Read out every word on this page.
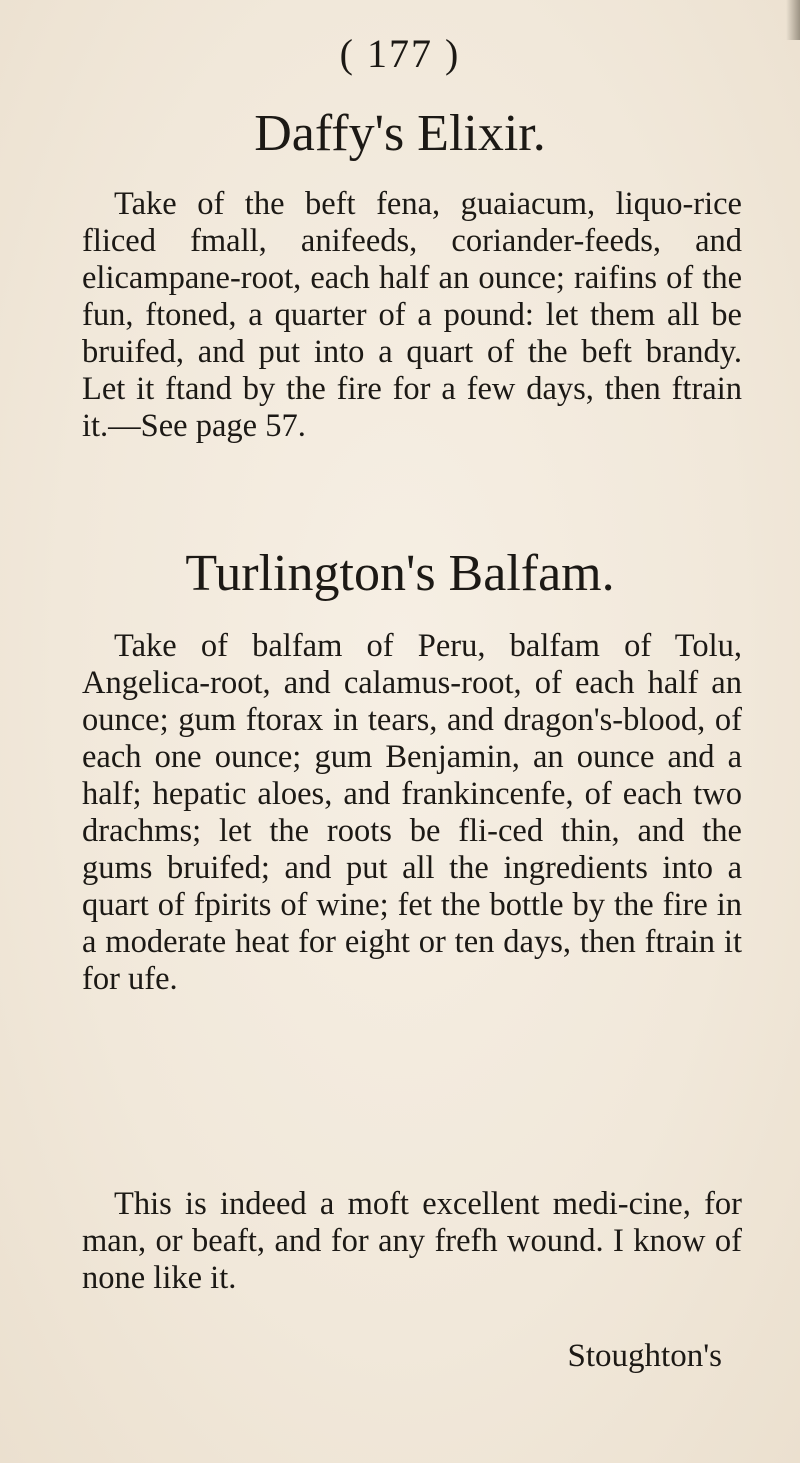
( 177 )
Daffy's Elixir.
Take of the beft fena, guaiacum, liquo-rice fliced fmall, anifeeds, coriander-feeds, and elicampane-root, each half an ounce; raifins of the fun, ftoned, a quarter of a pound: let them all be bruifed, and put into a quart of the beft brandy. Let it ftand by the fire for a few days, then ftrain it.—See page 57.
Turlington's Balfam.
Take of balfam of Peru, balfam of Tolu, Angelica-root, and calamus-root, of each half an ounce; gum ftorax in tears, and dragon's-blood, of each one ounce; gum Benjamin, an ounce and a half; hepatic aloes, and frankincenfe, of each two drachms; let the roots be fli-ced thin, and the gums bruifed; and put all the ingredients into a quart of fpirits of wine; fet the bottle by the fire in a moderate heat for eight or ten days, then ftrain it for ufe.
This is indeed a moft excellent medi-cine, for man, or beaft, and for any frefh wound. I know of none like it.
Stoughton's
